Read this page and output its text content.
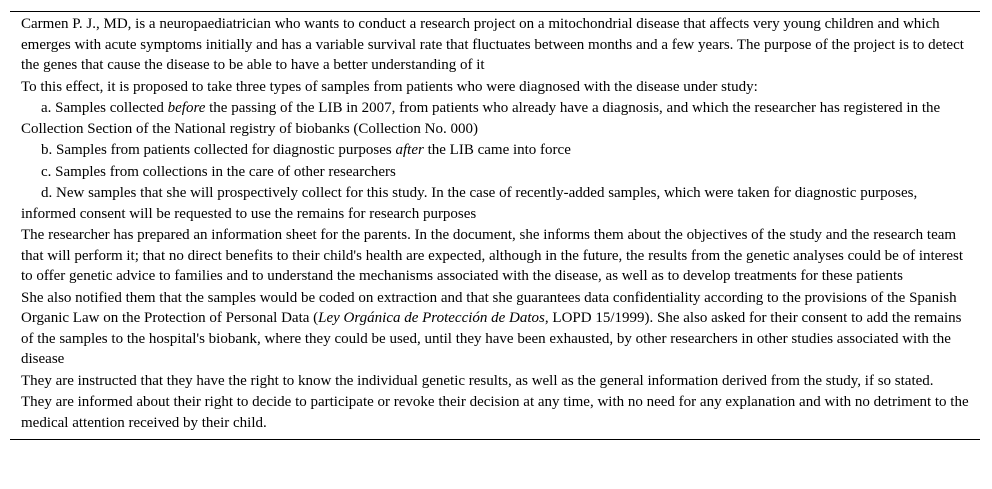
Carmen P. J., MD, is a neuropaediatrician who wants to conduct a research project on a mitochondrial disease that affects very young children and which emerges with acute symptoms initially and has a variable survival rate that fluctuates between months and a few years. The purpose of the project is to detect the genes that cause the disease to be able to have a better understanding of it

To this effect, it is proposed to take three types of samples from patients who were diagnosed with the disease under study:

a. Samples collected before the passing of the LIB in 2007, from patients who already have a diagnosis, and which the researcher has registered in the Collection Section of the National registry of biobanks (Collection No. 000)

b. Samples from patients collected for diagnostic purposes after the LIB came into force

c. Samples from collections in the care of other researchers

d. New samples that she will prospectively collect for this study. In the case of recently-added samples, which were taken for diagnostic purposes, informed consent will be requested to use the remains for research purposes

The researcher has prepared an information sheet for the parents. In the document, she informs them about the objectives of the study and the research team that will perform it; that no direct benefits to their child's health are expected, although in the future, the results from the genetic analyses could be of interest to offer genetic advice to families and to understand the mechanisms associated with the disease, as well as to develop treatments for these patients

She also notified them that the samples would be coded on extraction and that she guarantees data confidentiality according to the provisions of the Spanish Organic Law on the Protection of Personal Data (Ley Orgánica de Protección de Datos, LOPD 15/1999). She also asked for their consent to add the remains of the samples to the hospital's biobank, where they could be used, until they have been exhausted, by other researchers in other studies associated with the disease

They are instructed that they have the right to know the individual genetic results, as well as the general information derived from the study, if so stated.

They are informed about their right to decide to participate or revoke their decision at any time, with no need for any explanation and with no detriment to the medical attention received by their child.
